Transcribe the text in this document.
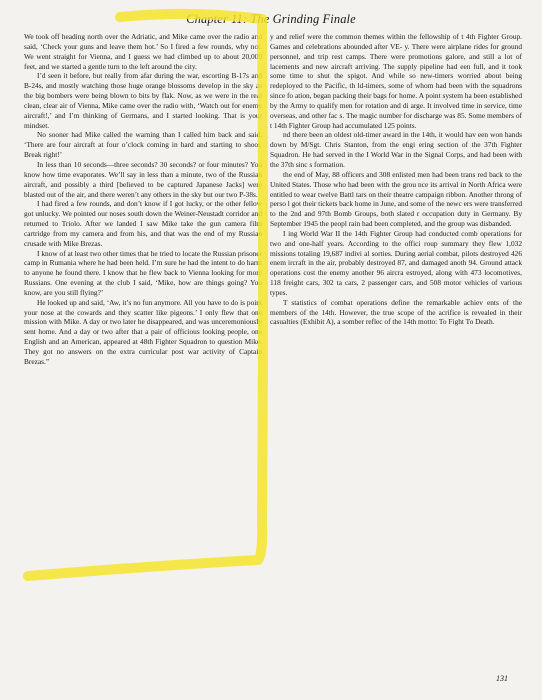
Chapter 11: The Grinding Finale

We took off heading north over the Adriatic, and Mike came over the radio and said, ‘Check your guns and leave them hot.’ So I fired a few rounds, why not. We went straight for Vienna, and I guess we had climbed up to about 20,000 feet, and we started a gentle turn to the left around the city.

I’d seen it before, but really from afar during the war, escorting B-17s and B-24s, and mostly watching those huge orange blossoms develop in the sky as the big bombers were being blown to bits by flak. Now, as we were in the real clean, clear air of Vienna, Mike came over the radio with, ‘Watch out for enemy aircraft!,’ and I’m thinking of Germans, and I started looking. That is your mindset.

No sooner had Mike called the warning than I called him back and said, ‘There are four aircraft at four o’clock coming in hard and starting to shoot. Break right!’

In less than 10 seconds—three seconds? 30 seconds? or four minutes? You know how time evaporates. We’ll say in less than a minute, two of the Russian aircraft, and possibly a third [believed to be captured Japanese Jacks] were blasted out of the air, and there weren’t any others in the sky but our two P-38s.

I had fired a few rounds, and don’t know if I got lucky, or the other fellow got unlucky. We pointed our noses south down the Weiner-Neustadt corridor and returned to Triolo. After we landed I saw Mike take the gun camera film cartridge from my camera and from his, and that was the end of my Russian crusade with Mike Brezas.

I know of at least two other times that he tried to locate the Russian prisoner camp in Rumania where he had been held. I’m sure he had the intent to do harm to anyone he found there. I know that he flew back to Vienna looking for more Russians. One evening at the club I said, ‘Mike, how are things going? You know, are you still flying?’

He looked up and said, ‘Aw, it’s no fun anymore. All you have to do is point your nose at the cowards and they scatter like pigeons.’ I only flew that one mission with Mike. A day or two later he disappeared, and was unceremoniously sent home. And a day or two after that a pair of officious looking people, one English and an American, appeared at 48th Fighter Squadron to question Mike. They got no answers on the extra curricular post war activity of Captain Brezas.”

y and relief were the common themes within the fellowship of t 4th Fighter Group. Games and celebrations abounded after VE- y. There were airplane rides for ground personnel, and trip rest camps. There were promotions galore, and still a lot of lacements and new aircraft arriving. The supply pipeline had een full, and it took some time to shut the spigot. And while so new-timers worried about being redeployed to the Pacific, th ld-timers, some of whom had been with the squadrons since fo ation, began packing their bags for home. A point system ha been established by the Army to qualify men for rotation and di arge. It involved time in service, time overseas, and other fac s. The magic number for discharge was 85. Some members of t 14th Fighter Group had accumulated 125 points.

nd there been an oldest old-timer award in the 14th, it would hav een won hands down by M/Sgt. Chris Stanton, from the engi ering section of the 37th Fighter Squadron. He had served in the I World War in the Signal Corps, and had been with the 37th sinc s formation.

the end of May, 88 officers and 308 enlisted men had been trans red back to the United States. Those who had been with the grou nce its arrival in North Africa were entitled to wear twelve Battl tars on their theatre campaign ribbon. Another throng of perso l got their tickets back home in June, and some of the newc ers were transferred to the 2nd and 97th Bomb Groups, both slated r occupation duty in Germany. By September 1945 the peopl rain had been completed, and the group was disbanded.

I ing World War II the 14th Fighter Group had conducted comb operations for two and one-half years. According to the offici roup summary they flew 1,032 missions totaling 19,687 indivi al sorties. During aerial combat, pilots destroyed 426 enem ircraft in the air, probably destroyed 87, and damaged anoth 94. Ground attack operations cost the enemy another 96 aircra estroyed, along with 473 locomotives, 118 freight cars, 302 ta cars, 2 passenger cars, and 508 motor vehicles of various types.

T statistics of combat operations define the remarkable achiev ents of the members of the 14th. However, the true scope of the acrifice is revealed in their casualties (Exhibit A), a somber reflec of the 14th motto: To Fight To Death.

131
